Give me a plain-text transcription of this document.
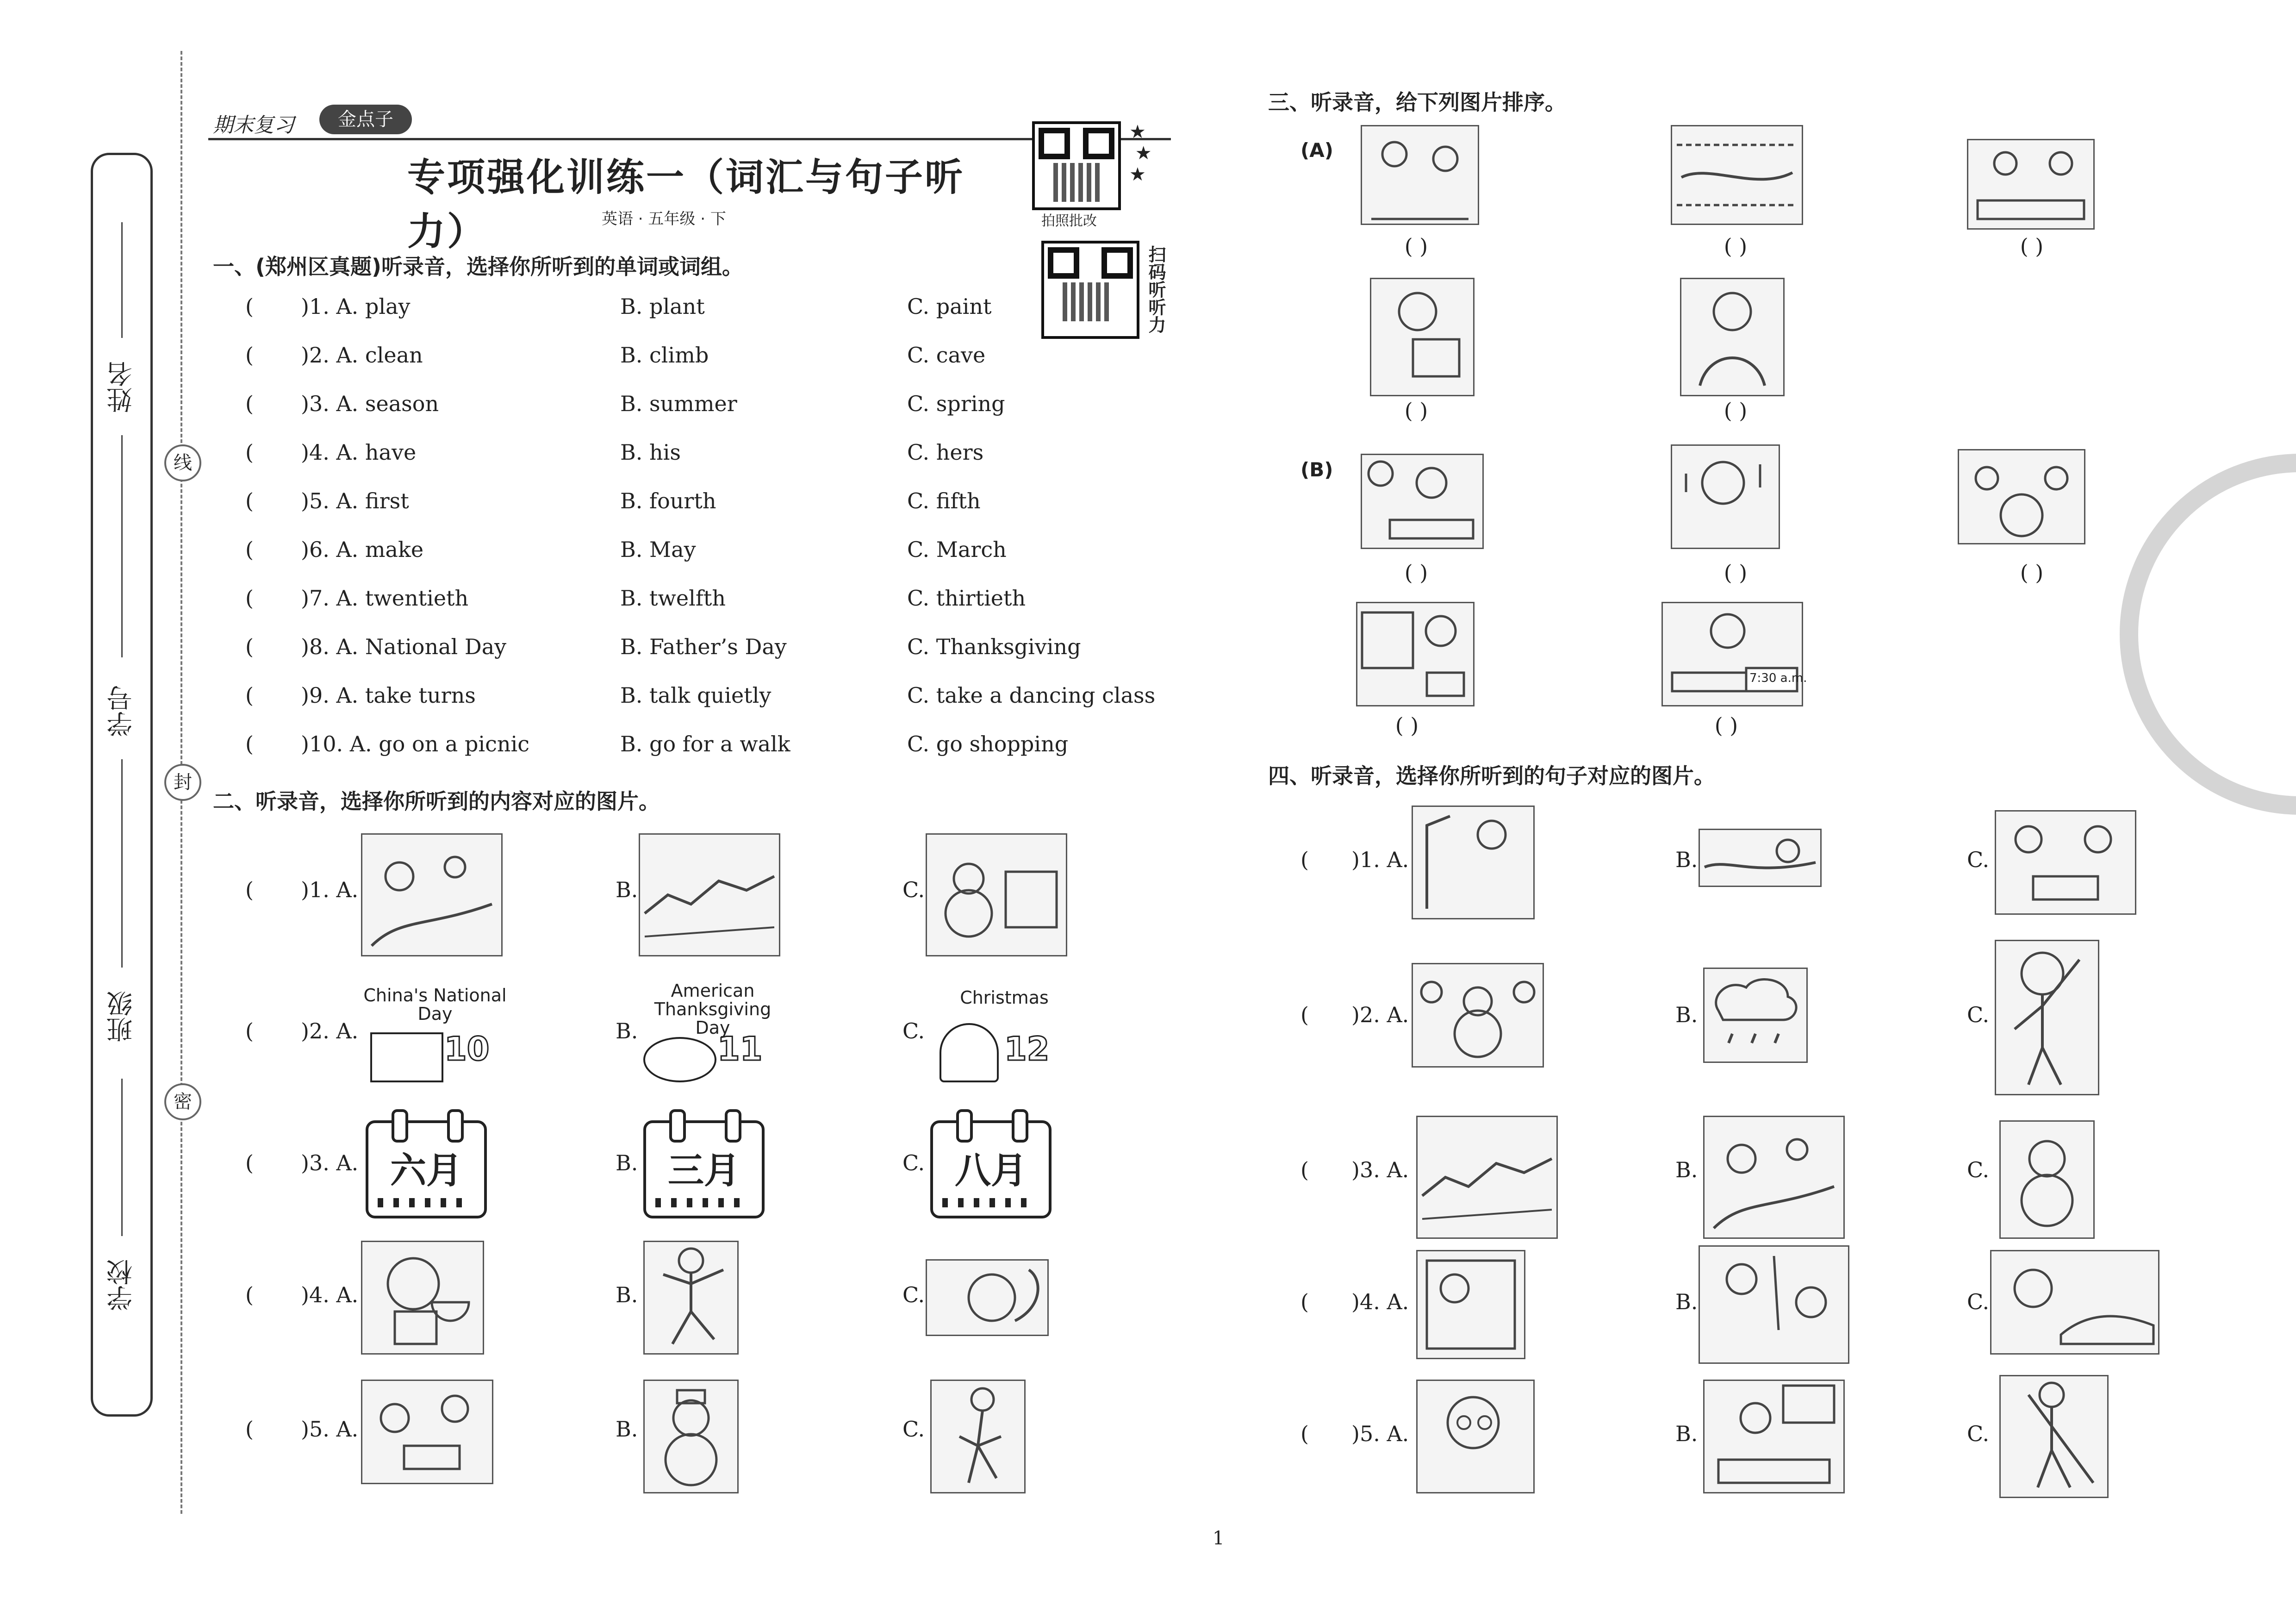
姓名
学号
班级
学校
线
封
密
期末复习	金点子
专项强化训练一（词汇与句子听力）	英语 · 五年级 · 下	拍照批改
★
★
★
扫码听听力
一、(郑州区真题)听录音，选择你所听到的单词或词组。
( )1. A. play	B. plant	C. paint
( )2. A. clean	B. climb	C. cave
( )3. A. season	B. summer	C. spring
( )4. A. have	B. his	C. hers
( )5. A. first	B. fourth	C. fifth
( )6. A. make	B. May	C. March
( )7. A. twentieth	B. twelfth	C. thirtieth
( )8. A. National Day	B. Father’s Day	C. Thanksgiving
( )9. A. take turns	B. talk quietly	C. take a dancing class
( )10. A. go on a picnic	B. go for a walk	C. go shopping
二、听录音，选择你所听到的内容对应的图片。
( )1. A.	B.	C.
( )2. A.
China's National Day
10	B.
American Thanksgiving Day
11	C.
Christmas
12
( )3. A. 六月	B. 三月	C. 八月
( )4. A.	B.	C.
( )5. A.	B.	C.
三、听录音，给下列图片排序。
(A)
( )	( )	( )
( )	( )
(B)
( )	( )	( )
( )
7:30 a.m.
( )
四、听录音，选择你所听到的句子对应的图片。
( )1. A.	B.	C.
( )2. A.	B.	C.
( )3. A.	B.	C.
( )4. A.	B.	C.
( )5. A.	B.	C.
1
